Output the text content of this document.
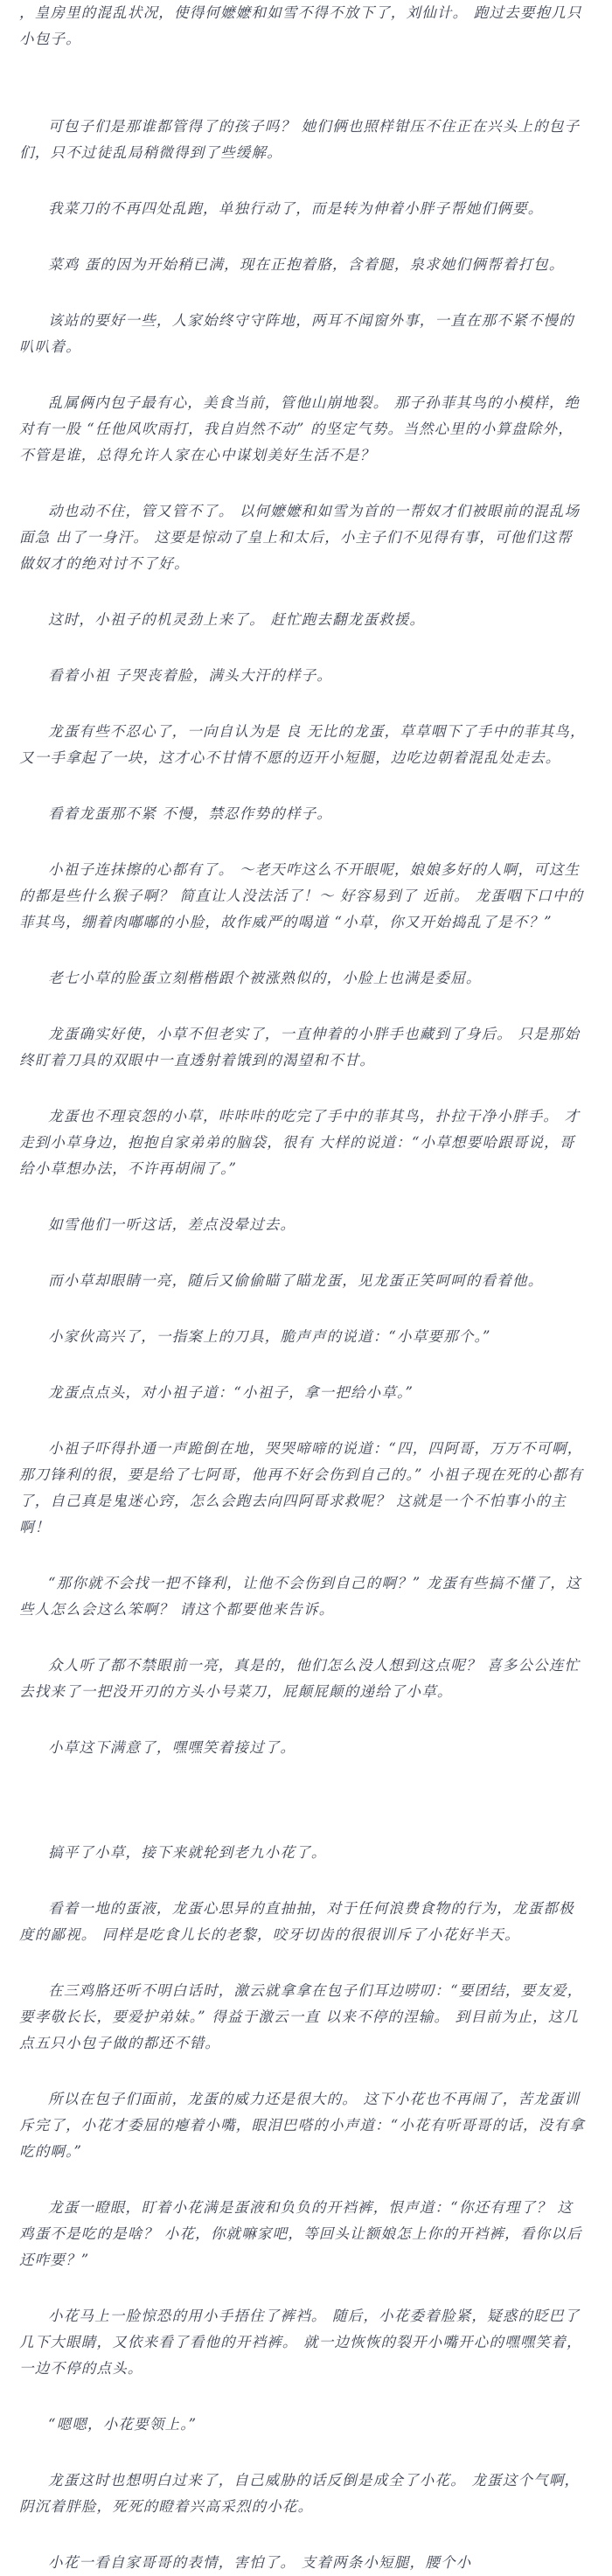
，皇房里的混乱状况，使得何嬷嬷和如雪不得不放下了，刘仙计。 跑过去要抱几只小包子。

可包子们是那谁都管得了的孩子吗？ 她们俩也照样钳压不住正在兴头上的包子们，只不过徒乱局稍微得到了些缓解。

我菜刀的不再四处乱跑，单独行动了，而是转为伸着小胖子帮她们俩要。

菜鸡 蛋的因为开始稍已满，现在正抱着胳，含着腿，泉求她们俩帮着打包。

该站的要好一些，人家始终守守阵地，两耳不闻窗外事，一直在那不紧不慢的叭叭着。

乱属俩内包子最有心，美食当前，管他山崩地裂。 那子孙菲其鸟的小模样，绝对有一股 “任他风吹雨打，我自岿然不动” 的坚定气势。当然心里的小算盘除外，不管是谁，总得允许人家在心中谋划美好生活不是？

动也动不住，管又管不了。 以何嬷嬷和如雪为首的一帮奴才们被眼前的混乱场面急 出了一身汗。 这要是惊动了皇上和太后，小主子们不见得有事，可他们这帮做奴才的绝对讨不了好。

这时，小祖子的机灵劲上来了。 赶忙跑去翻龙蛋救援。

看着小祖 子哭丧着脸，满头大汗的样子。

龙蛋有些不忍心了，一向自认为是 良 无比的龙蛋，草草咽下了手中的菲其鸟，又一手拿起了一块，这才心不甘情不愿的迈开小短腿，边吃边朝着混乱处走去。

看着龙蛋那不紧 不慢，禁忍作势的样子。

小祖子连抹擦的心都有了。 ～老天咋这么不开眼呢，娘娘多好的人啊，可这生的都是些什么猴子啊？ 简直让人没法活了！～ 好容易到了 近前。 龙蛋咽下口中的菲其鸟，绷着肉嘟嘟的小脸，故作威严的喝道 “小草，你又开始捣乱了是不？”

老七小草的脸蛋立刻楷楷跟个被涨熟似的，小脸上也满是委屈。

龙蛋确实好使，小草不但老实了，一直伸着的小胖手也藏到了身后。 只是那始终盯着刀具的双眼中一直透射着饿到的渴望和不甘。

龙蛋也不理哀怨的小草，咔咔咔的吃完了手中的菲其鸟，扑拉干净小胖手。 才走到小草身边，抱抱自家弟弟的脑袋，很有 大样的说道：“小草想要哈跟哥说，哥给小草想办法，不许再胡闹了。”

如雪他们一听这话，差点没晕过去。

而小草却眼睛一亮，随后又偷偷瞄了瞄龙蛋，见龙蛋正笑呵呵的看着他。

小家伙高兴了，一指案上的刀具，脆声声的说道：“小草要那个。”

龙蛋点点头，对小祖子道：“小祖子，拿一把给小草。”

小祖子吓得扑通一声跪倒在地，哭哭啼啼的说道：“四，四阿哥，万万不可啊，那刀锋利的很，要是给了七阿哥，他再不好会伤到自己的。” 小祖子现在死的心都有了，自己真是鬼迷心窍，怎么会跑去向四阿哥求救呢？ 这就是一个不怕事小的主啊！

“那你就不会找一把不锋利，让他不会伤到自己的啊？” 龙蛋有些搞不懂了，这些人怎么会这么笨啊？ 请这个都要他来告诉。

众人听了都不禁眼前一亮，真是的，他们怎么没人想到这点呢？ 喜多公公连忙去找来了一把没开刃的方头小号菜刀，屁颠屁颠的递给了小草。

小草这下满意了，嘿嘿笑着接过了。

搞平了小草，接下来就轮到老九小花了。

看着一地的蛋液，龙蛋心思异的直抽抽，对于任何浪费食物的行为，龙蛋都极度的鄙视。 同样是吃食儿长的老黎，咬牙切齿的很很训斥了小花好半天。

在三鸡胳还听不明白话时，激云就拿拿在包子们耳边唠叨：“要团结，要友爱，要孝敬长长，要爱护弟妹。” 得益于激云一直 以来不停的涅输。 到目前为止，这几点五只小包子做的都还不错。

所以在包子们面前，龙蛋的威力还是很大的。 这下小花也不再闹了，苦龙蛋训斥完了，小花才委屈的瘪着小嘴，眼泪巴嗒的小声道：“小花有听哥哥的话，没有拿吃的啊。”

龙蛋一瞪眼，盯着小花满是蛋液和负负的开裆裤，恨声道：“你还有理了？ 这鸡蛋不是吃的是啥？ 小花，你就嘛家吧，等回头让额娘怎上你的开裆裤，看你以后还咋要？”

小花马上一脸惊恐的用小手捂住了裤裆。 随后，小花委着脸紧，疑惑的眨巴了几下大眼睛，又依来看了看他的开裆裤。 就一边恢恢的裂开小嘴开心的嘿嘿笑着，一边不停的点头。

“嗯嗯，小花要领上。”

龙蛋这时也想明白过来了，自己威胁的话反倒是成全了小花。 龙蛋这个气啊，阴沉着胖脸，死死的瞪着兴高采烈的小花。

小花一看自家哥哥的表情，害怕了。 支着两条小短腿，腰个小
